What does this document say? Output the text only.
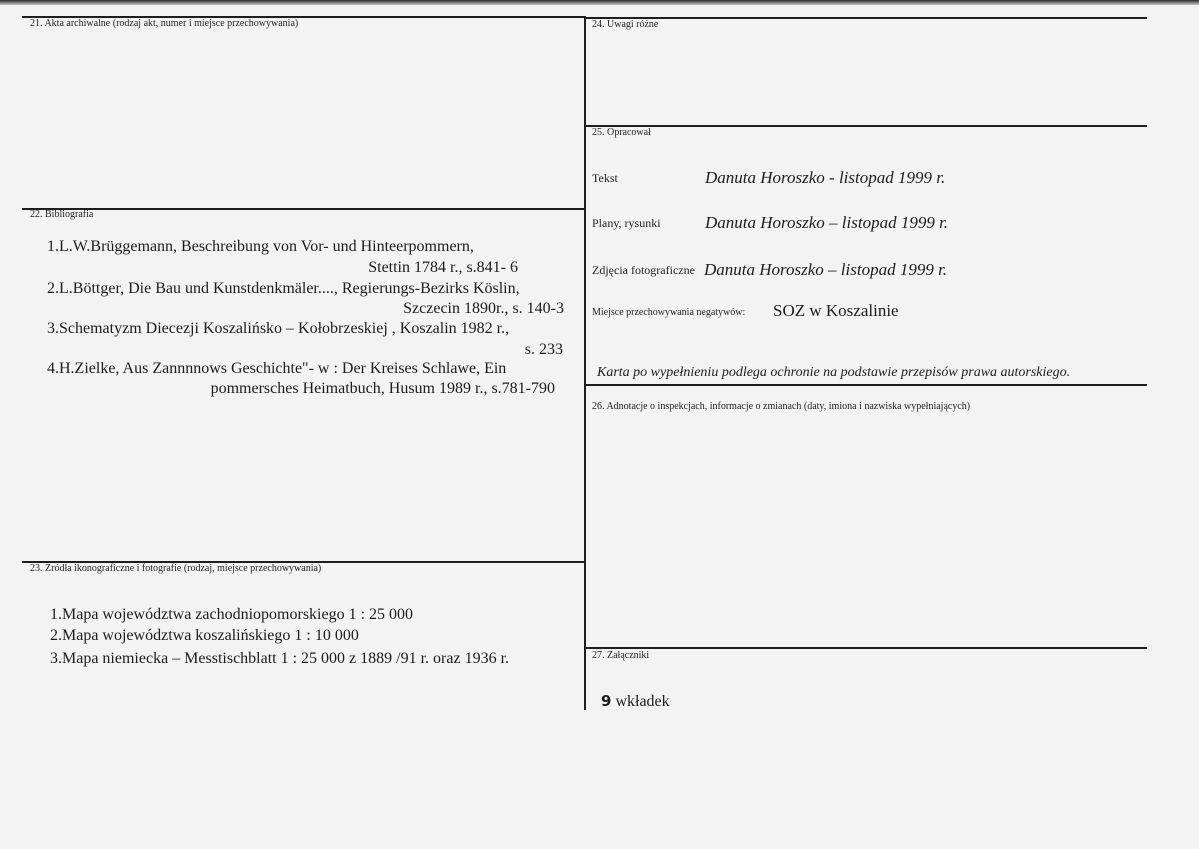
21. Akta archiwalne (rodzaj akt, numer i miejsce przechowywania)
22. Bibliografia
1.L.W.Brüggemann, Beschreibung von Vor- und Hinteerpommern,
Stettin 1784 r., s.841- 6
2.L.Böttger, Die Bau und Kunstdenkmäler...., Regierungs-Bezirks Köslin,
Szczecin 1890r., s. 140-3
3.Schematyzm Diecezji Koszalińsko – Kołobrzeskiej , Koszalin 1982 r.,
s. 233
4.H.Zielke, Aus Zannnnows Geschichte"- w : Der Kreises Schlawe, Ein
pommersches Heimatbuch, Husum 1989 r., s.781-790
23. Źródła ikonograficzne i fotografie (rodzaj, miejsce przechowywania)
1.Mapa województwa zachodniopomorskiego 1 : 25 000
2.Mapa województwa koszalińskiego 1 : 10 000
3.Mapa niemiecka – Messtischblatt 1 : 25 000 z 1889 /91 r. oraz 1936 r.
24. Uwagi różne
25. Opracował
Tekst	Danuta Horoszko - listopad 1999 r.
Plany, rysunki	Danuta Horoszko – listopad 1999 r.
Zdjęcia fotograficzne Danuta Horoszko – listopad 1999 r.
Miejsce przechowywania negatywów: SOZ w Koszalinie
Karta po wypełnieniu podlega ochronie na podstawie przepisów prawa autorskiego.
26. Adnotacje o inspekcjach, informacje o zmianach (daty, imiona i nazwiska wypełniających)
27. Załączniki
9 wkładek
